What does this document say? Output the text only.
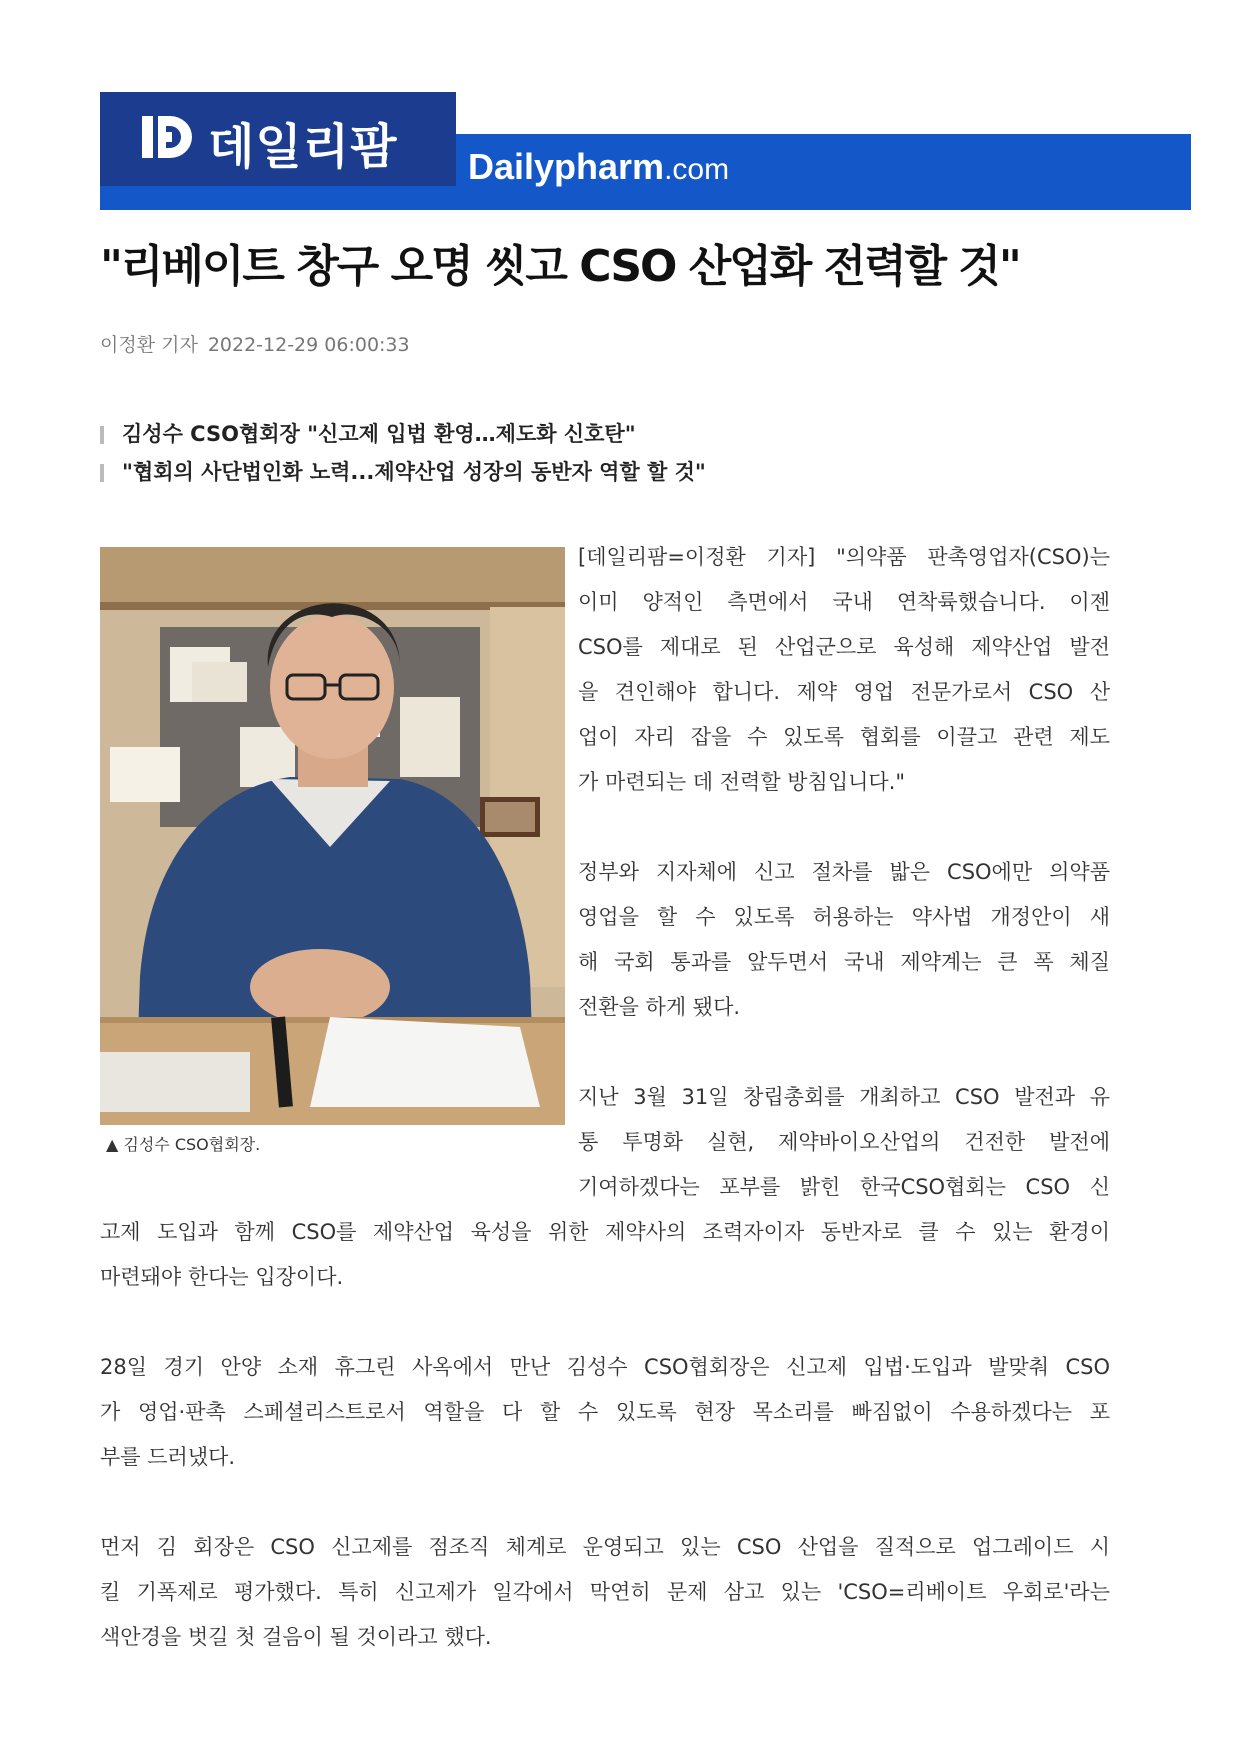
데일리팜 Dailypharm.com
"리베이트 창구 오명 씻고 CSO 산업화 전력할 것"
이정환 기자 2022-12-29 06:00:33
김성수 CSO협회장 "신고제 입법 환영…제도화 신호탄"
"협회의 사단법인화 노력...제약산업 성장의 동반자 역할 할 것"
▲ 김성수 CSO협회장.
[데일리팜=이정환 기자] "의약품 판촉영업자(CSO)는
이미 양적인 측면에서 국내 연착륙했습니다. 이젠
CSO를 제대로 된 산업군으로 육성해 제약산업 발전
을 견인해야 합니다. 제약 영업 전문가로서 CSO 산
업이 자리 잡을 수 있도록 협회를 이끌고 관련 제도
가 마련되는 데 전력할 방침입니다."
정부와 지자체에 신고 절차를 밟은 CSO에만 의약품
영업을 할 수 있도록 허용하는 약사법 개정안이 새
해 국회 통과를 앞두면서 국내 제약계는 큰 폭 체질
전환을 하게 됐다.
지난 3월 31일 창립총회를 개최하고 CSO 발전과 유
통 투명화 실현, 제약바이오산업의 건전한 발전에
기여하겠다는 포부를 밝힌 한국CSO협회는 CSO 신
고제 도입과 함께 CSO를 제약산업 육성을 위한 제약사의 조력자이자 동반자로 클 수 있는 환경이
마련돼야 한다는 입장이다.
28일 경기 안양 소재 휴그린 사옥에서 만난 김성수 CSO협회장은 신고제 입법·도입과 발맞춰 CSO
가 영업·판촉 스페셜리스트로서 역할을 다 할 수 있도록 현장 목소리를 빠짐없이 수용하겠다는 포
부를 드러냈다.
먼저 김 회장은 CSO 신고제를 점조직 체계로 운영되고 있는 CSO 산업을 질적으로 업그레이드 시
킬 기폭제로 평가했다. 특히 신고제가 일각에서 막연히 문제 삼고 있는 'CSO=리베이트 우회로'라는
색안경을 벗길 첫 걸음이 될 것이라고 했다.
